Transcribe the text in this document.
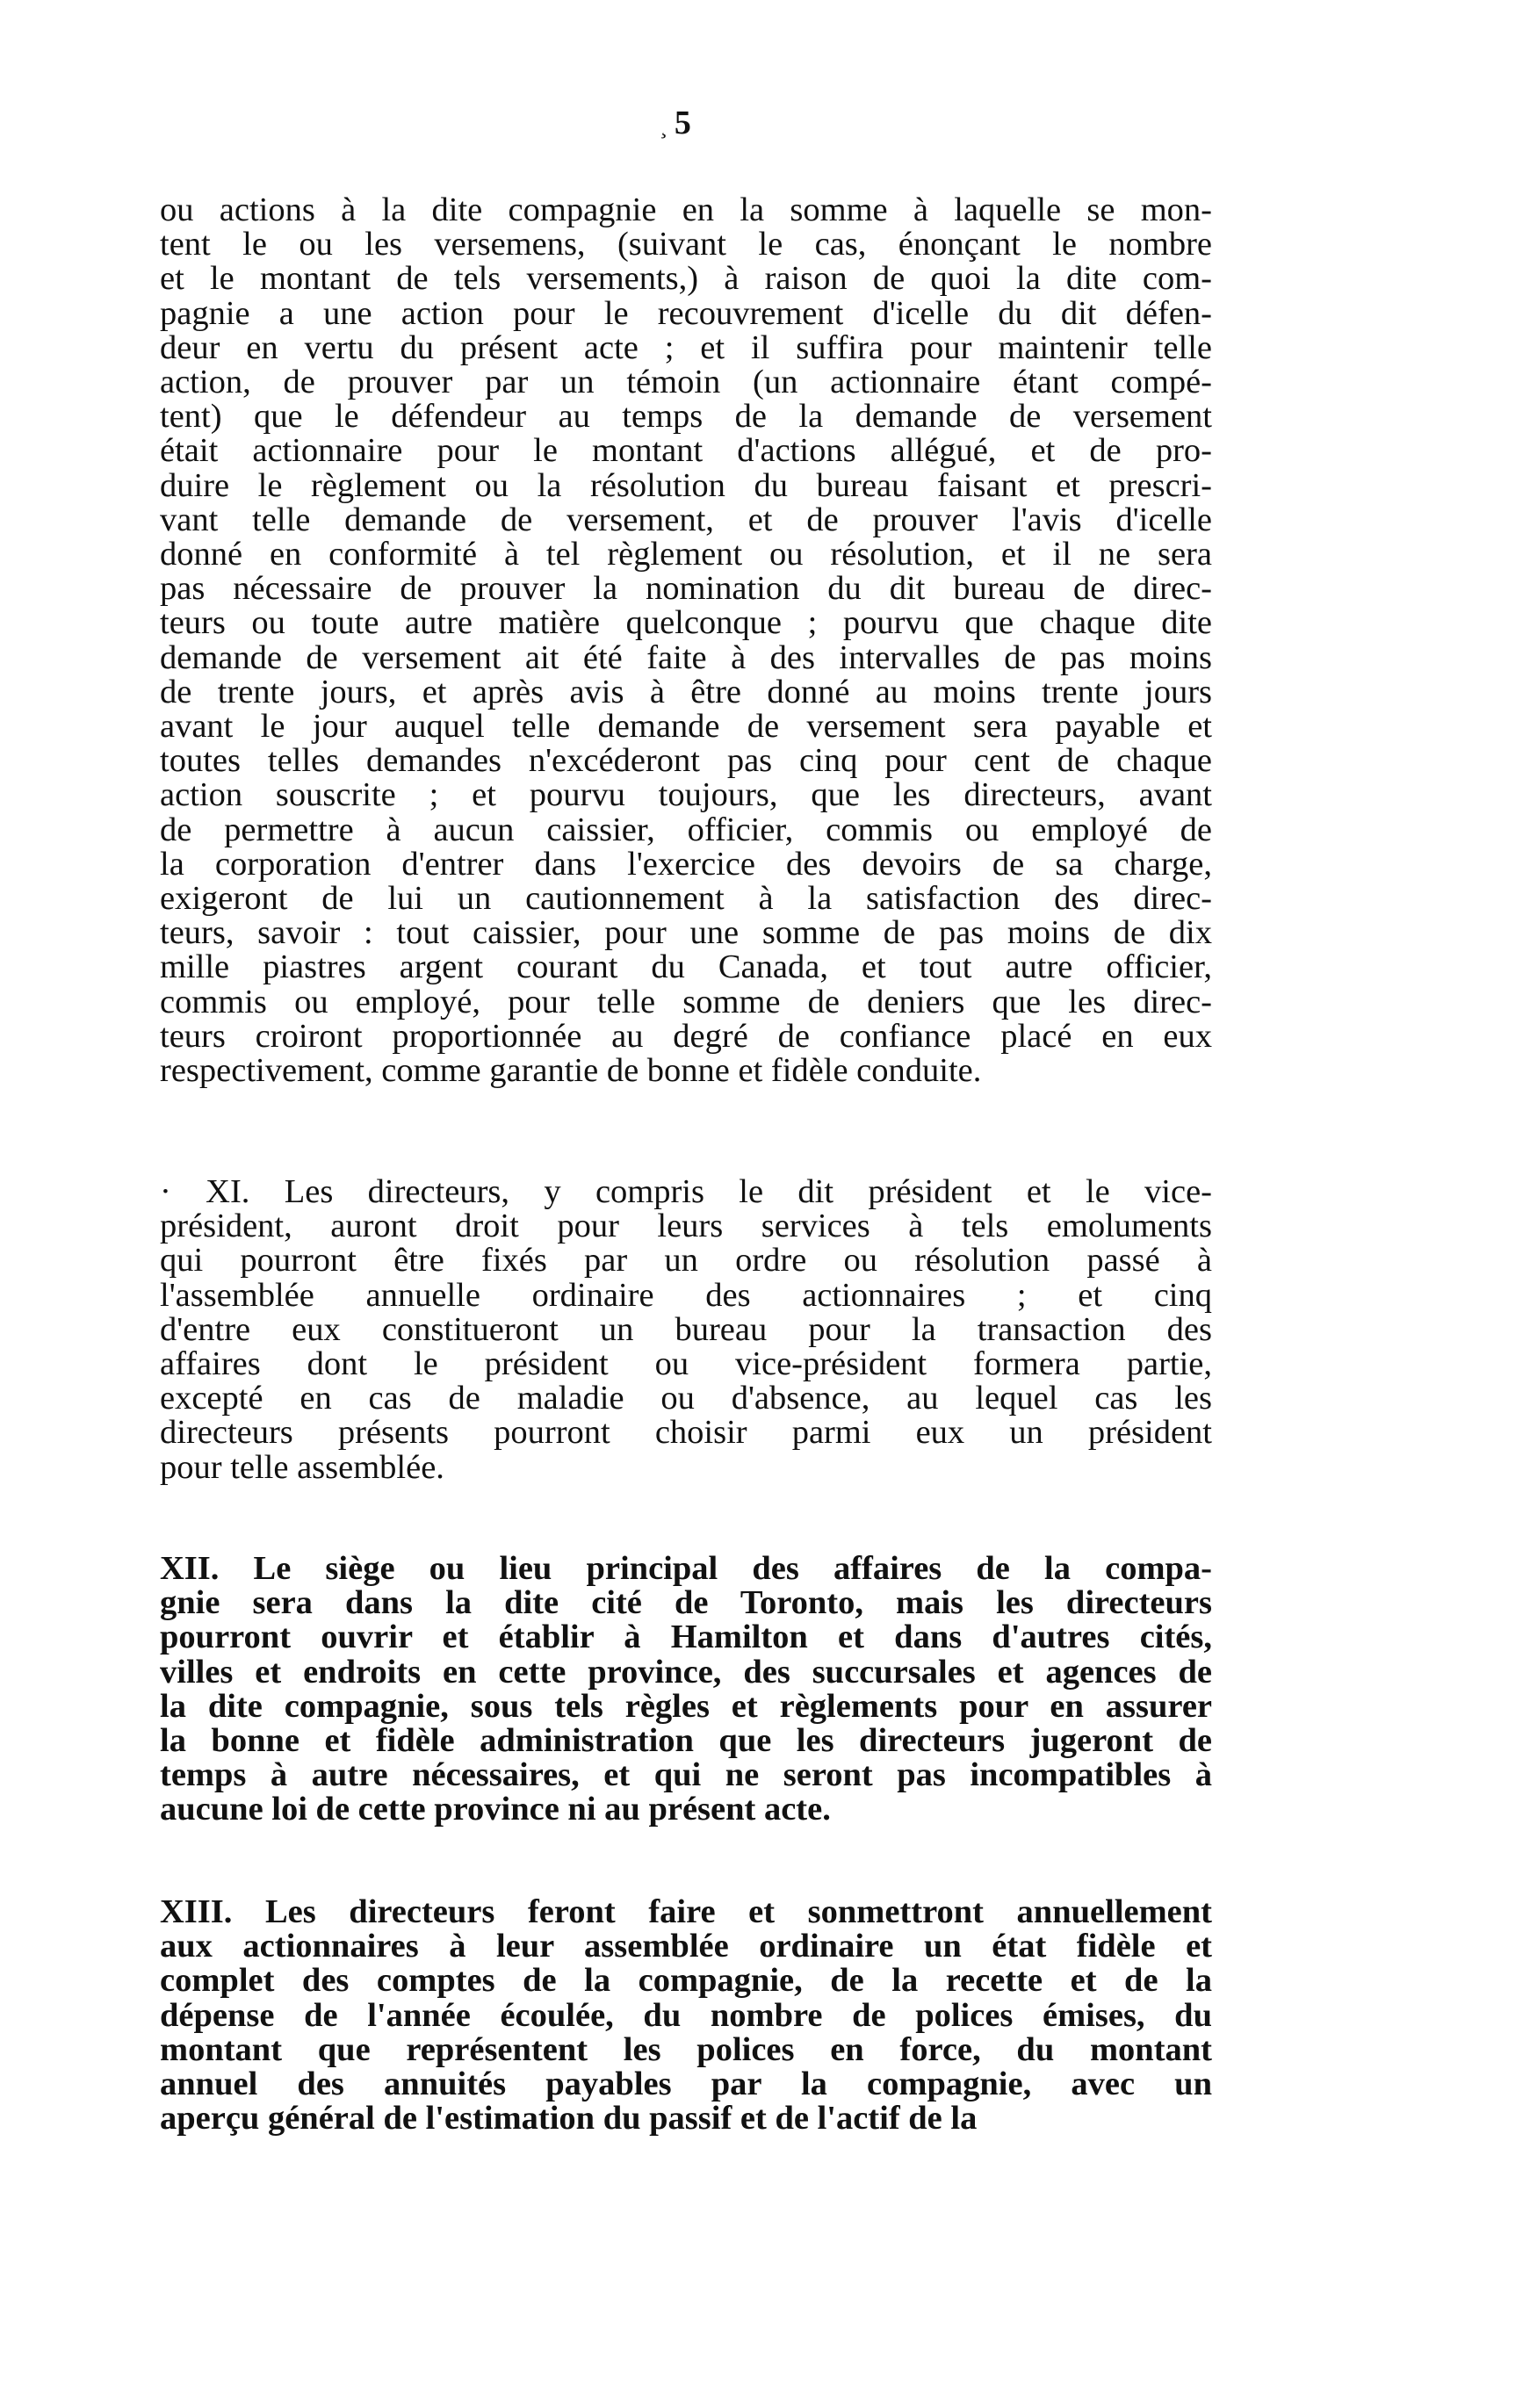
¸ 5
ou actions à la dite compagnie en la somme à laquelle se mon-
tent le ou les versemens, (suivant le cas, énonçant le nombre
et le montant de tels versements,) à raison de quoi la dite com-
pagnie a une action pour le recouvrement d'icelle du dit défen-
deur en vertu du présent acte ; et il suffira pour maintenir telle
action, de prouver par un témoin (un actionnaire étant compé-
tent) que le défendeur au temps de la demande de versement
était actionnaire pour le montant d'actions allégué, et de pro-
duire le règlement ou la résolution du bureau faisant et prescri-
vant telle demande de versement, et de prouver l'avis d'icelle
donné en conformité à tel règlement ou résolution, et il ne sera
pas nécessaire de prouver la nomination du dit bureau de direc-
teurs ou toute autre matière quelconque ; pourvu que chaque dite
demande de versement ait été faite à des intervalles de pas moins
de trente jours, et après avis à être donné au moins trente jours
avant le jour auquel telle demande de versement sera payable et
toutes telles demandes n'excéderont pas cinq pour cent de chaque
action souscrite ; et pourvu toujours, que les directeurs, avant
de permettre à aucun caissier, officier, commis ou employé de
la corporation d'entrer dans l'exercice des devoirs de sa charge,
exigeront de lui un cautionnement à la satisfaction des direc-
teurs, savoir : tout caissier, pour une somme de pas moins de dix
mille piastres argent courant du Canada, et tout autre officier,
commis ou employé, pour telle somme de deniers que les direc-
teurs croiront proportionnée au degré de confiance placé en eux
respectivement, comme garantie de bonne et fidèle conduite.
· XI. Les directeurs, y compris le dit président et le vice-
président, auront droit pour leurs services à tels emoluments
qui pourront être fixés par un ordre ou résolution passé à
l'assemblée annuelle ordinaire des actionnaires ; et cinq
d'entre eux constitueront un bureau pour la transaction des
affaires dont le président ou vice-président formera partie,
excepté en cas de maladie ou d'absence, au lequel cas les
directeurs présents pourront choisir parmi eux un président
pour telle assemblée.
XII. Le siège ou lieu principal des affaires de la compa-
gnie sera dans la dite cité de Toronto, mais les directeurs
pourront ouvrir et établir à Hamilton et dans d'autres cités,
villes et endroits en cette province, des succursales et agences de
la dite compagnie, sous tels règles et règlements pour en assurer
la bonne et fidèle administration que les directeurs jugeront de
temps à autre nécessaires, et qui ne seront pas incompatibles à
aucune loi de cette province ni au présent acte.
XIII. Les directeurs feront faire et sonmettront annuellement
aux actionnaires à leur assemblée ordinaire un état fidèle et
complet des comptes de la compagnie, de la recette et de la
dépense de l'année écoulée, du nombre de polices émises, du
montant que représentent les polices en force, du montant
annuel des annuités payables par la compagnie, avec un
aperçu général de l'estimation du passif et de l'actif de la
